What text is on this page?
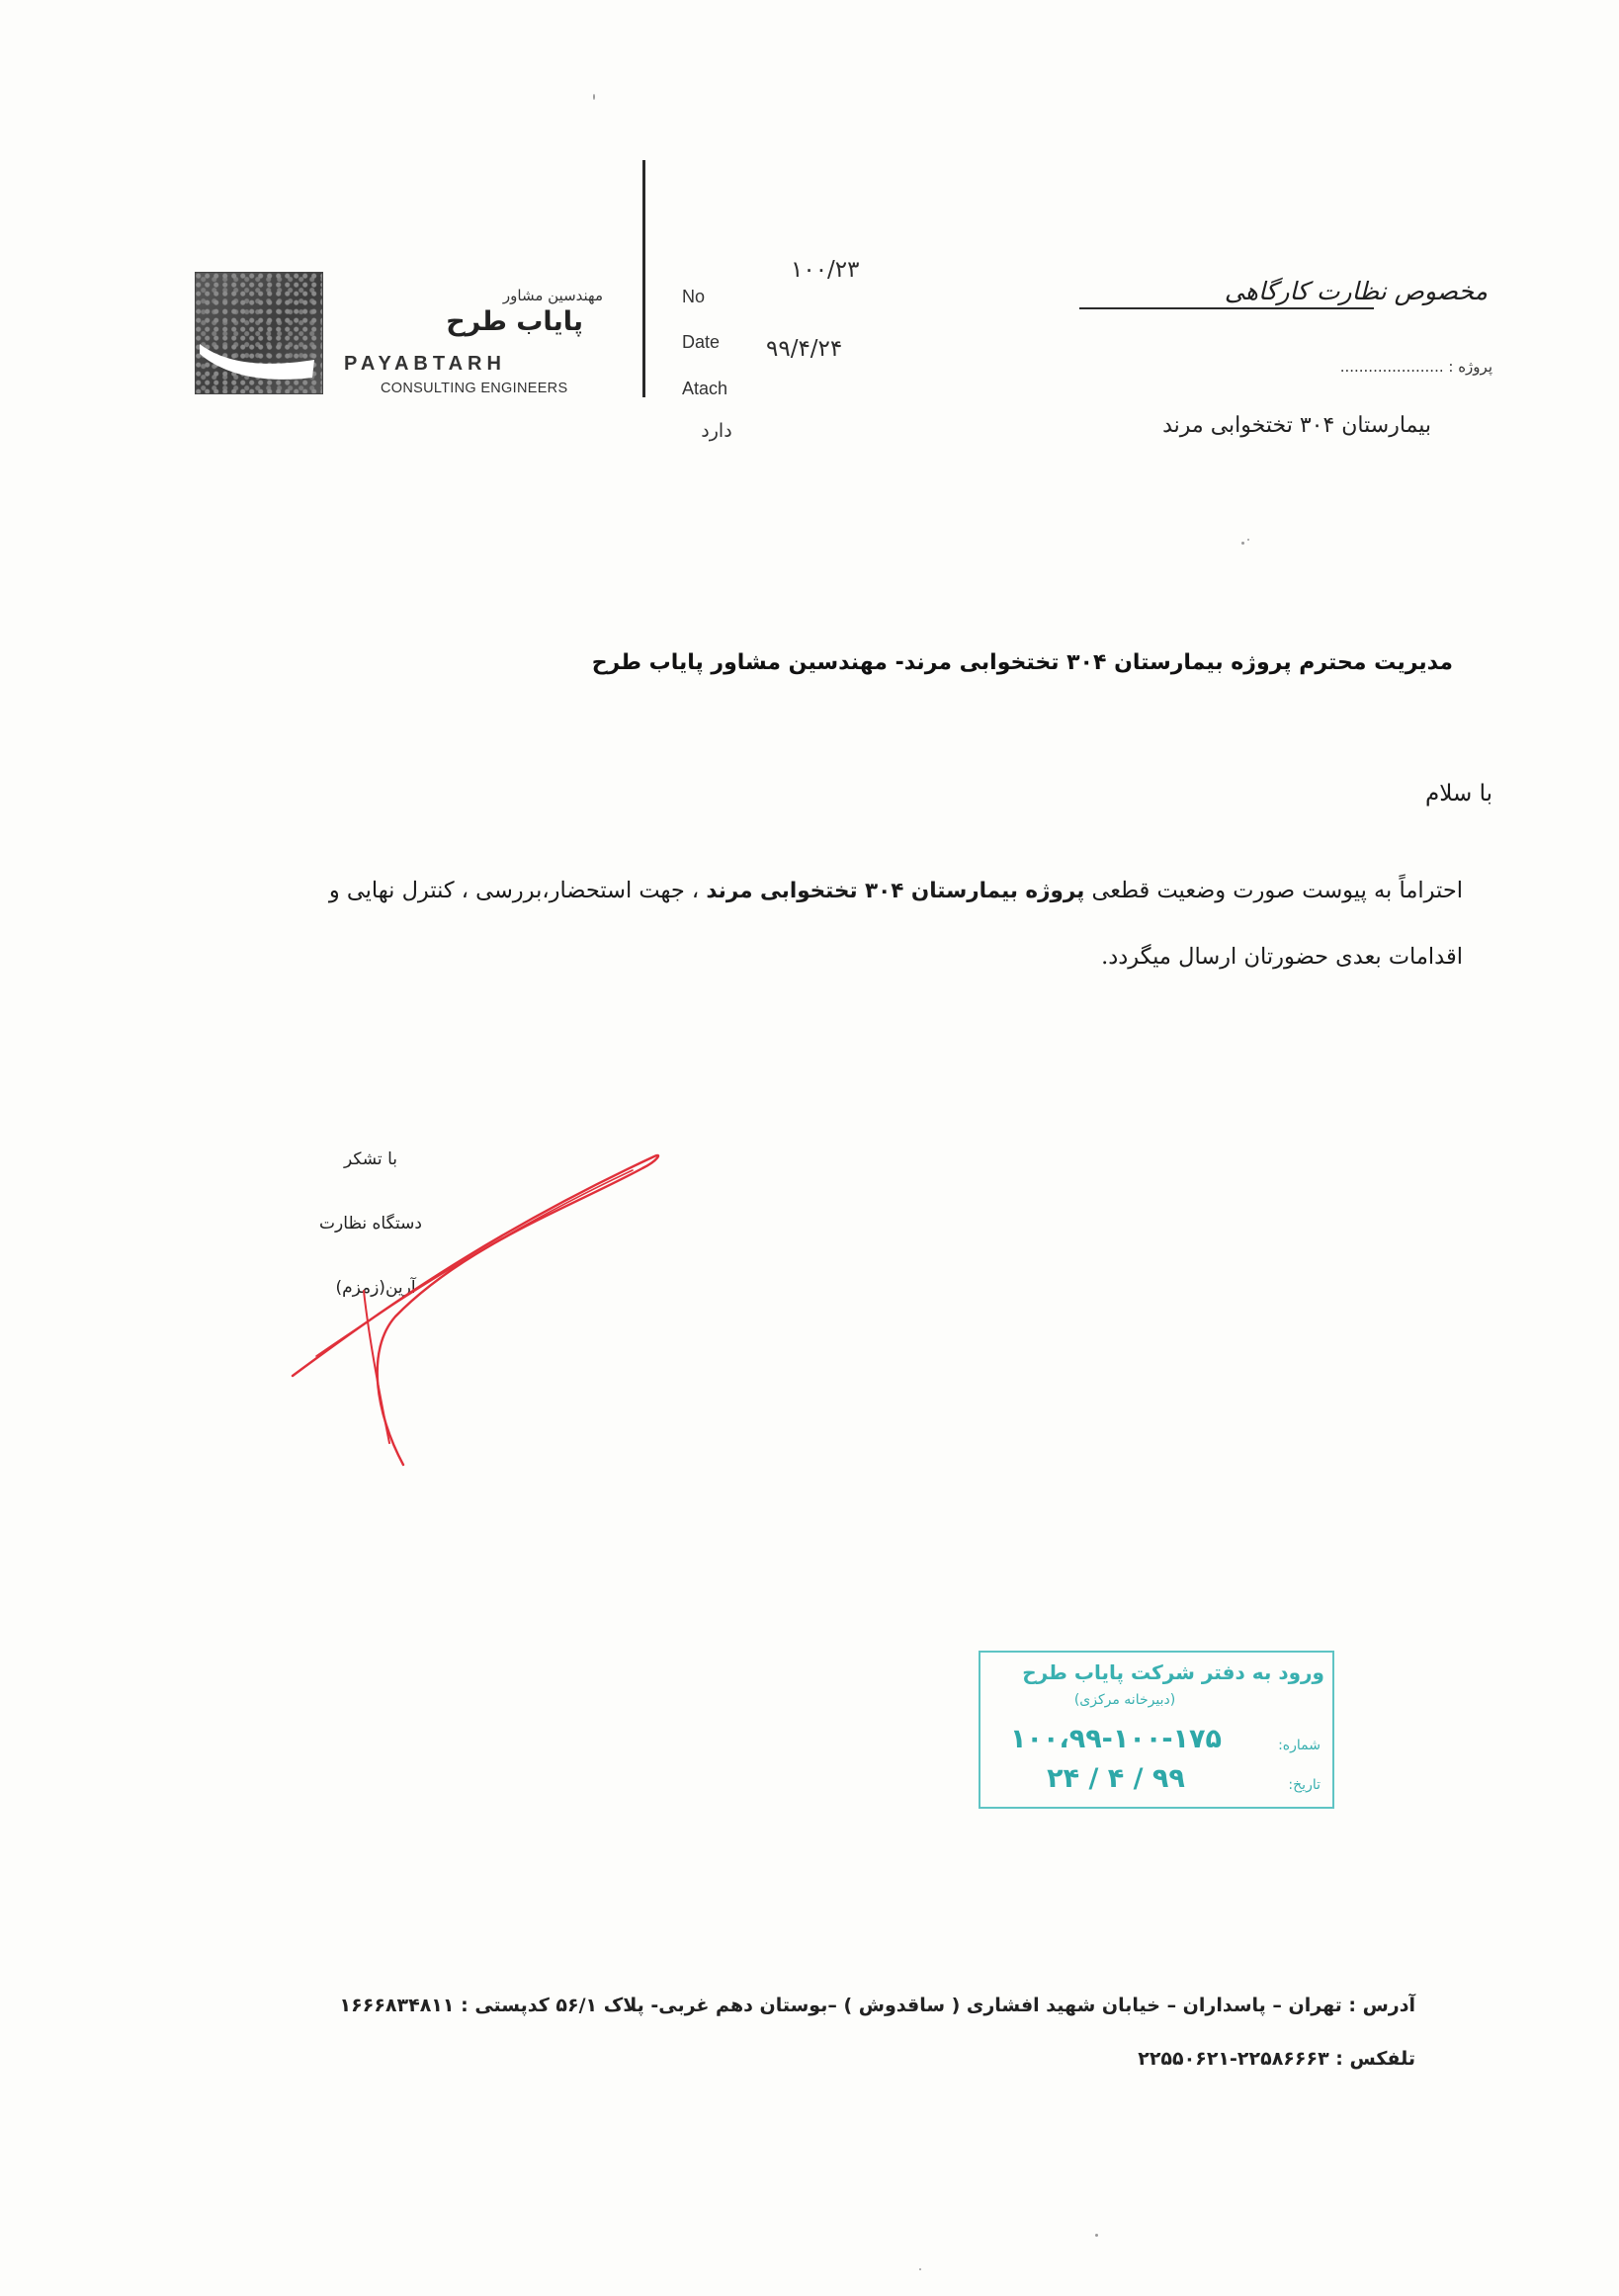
مهندسین مشاور
پایاب طرح
PAYABTARH
CONSULTING ENGINEERS
No
۱۰۰/۲۳
Date ۹۹/۴/۲۴
Atach
دارد
مخصوص نظارت کارگاهی
پروژه : ......................
بیمارستان ۳۰۴ تختخوابی مرند
مدیریت محترم پروژه بیمارستان ۳۰۴ تختخوابی مرند- مهندسین مشاور پایاب طرح
با سلام
احتراماً به پیوست صورت وضعیت قطعی پروژه بیمارستان ۳۰۴ تختخوابی مرند ، جهت استحضار،بررسی ، کنترل نهایی و
اقدامات بعدی حضورتان ارسال میگردد.
با تشکر
دستگاه نظارت
آرین(زمزم)
ورود به دفتر شرکت پایاب طرح
(دبیرخانه مرکزی)
شماره:
۱۰۰،۹۹-۱۰۰-۱۷۵
تاریخ:
۹۹ / ۴ / ۲۴
آدرس : تهران – پاسداران – خیابان شهید افشاری ( ساقدوش ) –بوستان دهم غربی- پلاک ۵۶/۱ کدپستی : ۱۶۶۶۸۳۴۸۱۱
تلفکس : ۲۲۵۸۶۶۶۳-۲۲۵۵۰۶۲۱
